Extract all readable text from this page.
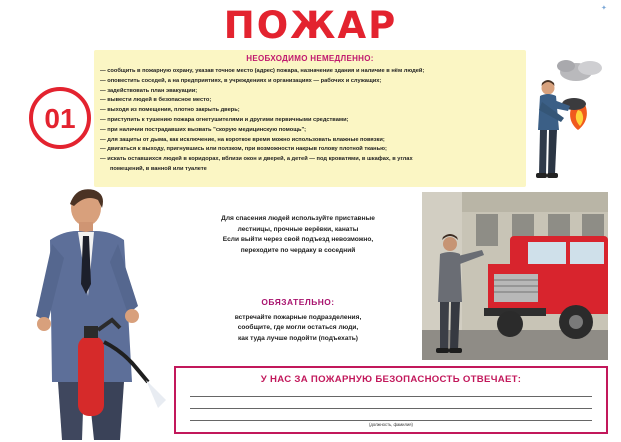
ПОЖАР	✦
НЕОБХОДИМО НЕМЕДЛЕННО:
— сообщить в пожарную охрану, указав точное место (адрес) пожара, назначение здания и наличие в нём людей;
— оповестить соседей, а на предприятиях, в учреждениях и организациях — рабочих и служащих;
— задействовать план эвакуации;
— вывести людей в безопасное место;
— выходя из помещения, плотно закрыть дверь;
— приступить к тушению пожара огнетушителями и другими первичными средствами;
— при наличии пострадавших вызвать "скорую медицинскую помощь";
— для защиты от дыма, как исключение, на короткое время можно использовать влажные повязки;
— двигаться к выходу, пригнувшись или ползком, при возможности накрыв голову плотной тканью;
— искать оставшихся людей в коридорах, вблизи окон и дверей, а детей — под кроватями, в шкафах, в углах
помещений, в ванной или туалете
01
Для спасения людей используйте приставные
лестницы, прочные верёвки, канаты
Если выйти через свой подъезд невозможно,
переходите по чердаку в соседний
ОБЯЗАТЕЛЬНО:
встречайте пожарные подразделения,
сообщите, где могли остаться люди,
как туда лучше подойти (подъехать)
У НАС ЗА ПОЖАРНУЮ БЕЗОПАСНОСТЬ ОТВЕЧАЕТ:
(должность, фамилия)
